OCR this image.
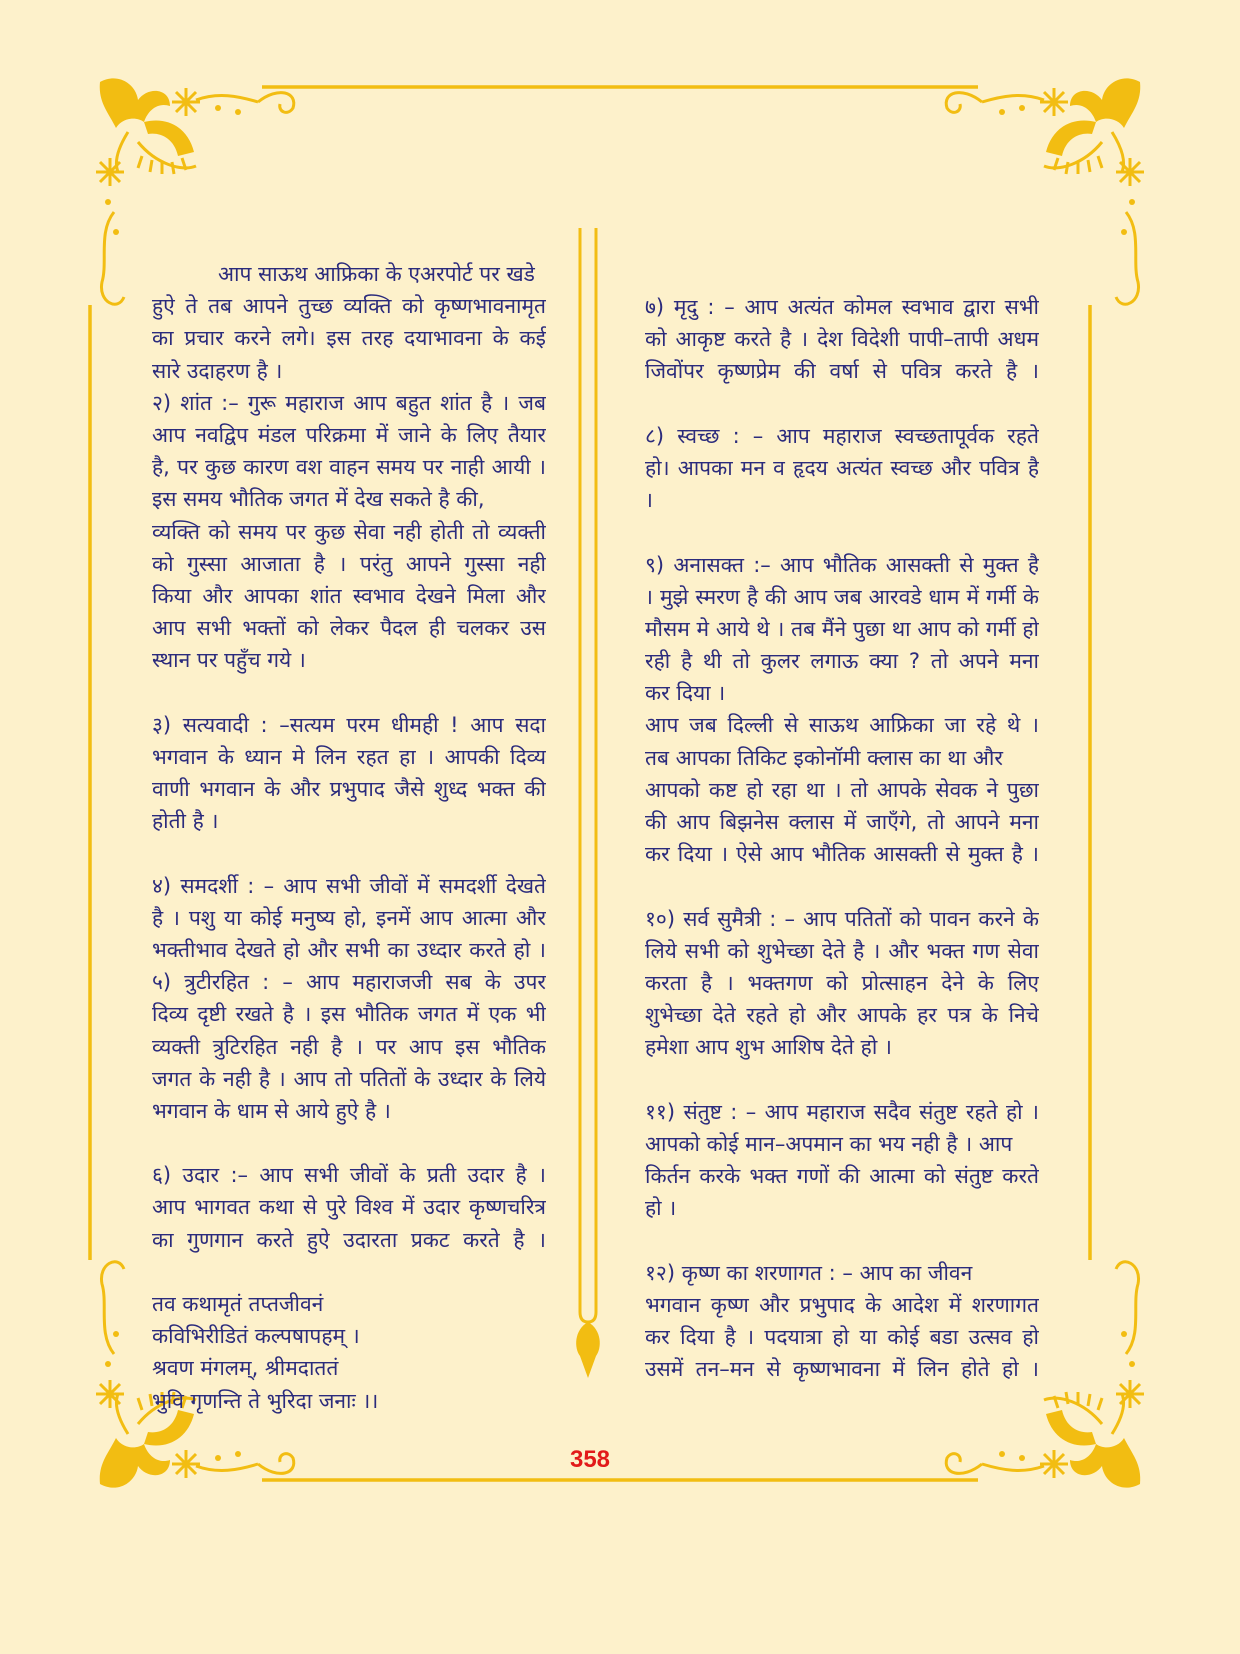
आप साऊथ आफ्रिका के एअरपोर्ट पर खडे
हुऐ ते तब आपने तुच्छ व्यक्ति को कृष्णभावनामृत
का प्रचार करने लगे। इस तरह दयाभावना के कई
सारे उदाहरण है ।
२) शांत :– गुरू महाराज आप बहुत शांत है । जब
आप नवद्विप मंडल परिक्रमा में जाने के लिए तैयार
है, पर कुछ कारण वश वाहन समय पर नाही आयी ।
इस समय भौतिक जगत में देख सकते है की,
व्यक्ति को समय पर कुछ सेवा नही होती तो व्यक्ती
को गुस्सा आजाता है । परंतु आपने गुस्सा नही
किया और आपका शांत स्वभाव देखने मिला और
आप सभी भक्तों को लेकर पैदल ही चलकर उस
स्थान पर पहुँच गये ।
३) सत्यवादी : –सत्यम परम धीमही ! आप सदा
भगवान के ध्यान मे लिन रहत हा । आपकी दिव्य
वाणी भगवान के और प्रभुपाद जैसे शुध्द भक्त की
होती है ।
४) समदर्शी : – आप सभी जीवों में समदर्शी देखते
है । पशु या कोई मनुष्य हो, इनमें आप आत्मा और
भक्तीभाव देखते हो और सभी का उध्दार करते हो ।
५) त्रुटीरहित : – आप महाराजजी सब के उपर
दिव्य दृष्टी रखते है । इस भौतिक जगत में एक भी
व्यक्ती त्रुटिरहित नही है । पर आप इस भौतिक
जगत के नही है । आप तो पतितों के उध्दार के लिये
भगवान के धाम से आये हुऐ है ।
६) उदार :– आप सभी जीवों के प्रती उदार है ।
आप भागवत कथा से पुरे विश्व में उदार कृष्णचरित्र
का गुणगान करते हुऐ उदारता प्रकट करते है ।
तव कथामृतं तप्तजीवनं
कविभिरीडितं कल्पषापहम् ।
श्रवण मंगलम्, श्रीमदाततं
भुवि गृणन्ति ते भुरिदा जनाः ।।
७) मृदु : – आप अत्यंत कोमल स्वभाव द्वारा सभी
को आकृष्ट करते है । देश विदेशी पापी–तापी अधम
जिवोंपर कृष्णप्रेम की वर्षा से पवित्र करते है ।
८) स्वच्छ : – आप महाराज स्वच्छतापूर्वक रहते
हो। आपका मन व हृदय अत्यंत स्वच्छ और पवित्र है
।
९) अनासक्त :– आप भौतिक आसक्ती से मुक्त है
। मुझे स्मरण है की आप जब आरवडे धाम में गर्मी के
मौसम मे आये थे । तब मैंने पुछा था आप को गर्मी हो
रही है थी तो कुलर लगाऊ क्या ? तो अपने मना
कर दिया ।
आप जब दिल्ली से साऊथ आफ्रिका जा रहे थे ।
तब आपका तिकिट इकोनॉमी क्लास का था और
आपको कष्ट हो रहा था । तो आपके सेवक ने पुछा
की आप बिझनेस क्लास में जाएँगे, तो आपने मना
कर दिया । ऐसे आप भौतिक आसक्ती से मुक्त है ।
१०) सर्व सुमैत्री : – आप पतितों को पावन करने के
लिये सभी को शुभेच्छा देते है । और भक्त गण सेवा
करता है । भक्तगण को प्रोत्साहन देने के लिए
शुभेच्छा देते रहते हो और आपके हर पत्र के निचे
हमेशा आप शुभ आशिष देते हो ।
११) संतुष्ट : – आप महाराज सदैव संतुष्ट रहते हो ।
आपको कोई मान–अपमान का भय नही है । आप
किर्तन करके भक्त गणों की आत्मा को संतुष्ट करते
हो ।
१२) कृष्ण का शरणागत : – आप का जीवन
भगवान कृष्ण और प्रभुपाद के आदेश में शरणागत
कर दिया है । पदयात्रा हो या कोई बडा उत्सव हो
उसमें तन–मन से कृष्णभावना में लिन होते हो ।
358
